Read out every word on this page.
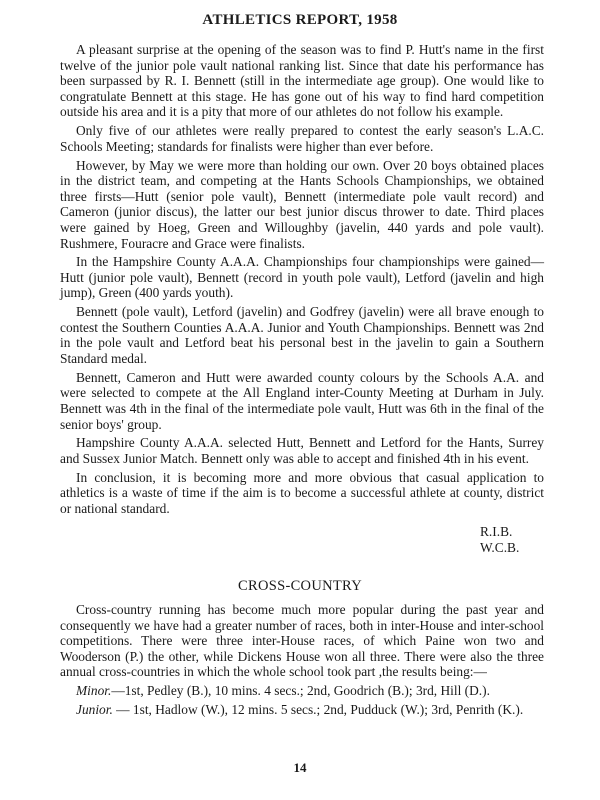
ATHLETICS REPORT, 1958

A pleasant surprise at the opening of the season was to find P. Hutt's name in the first twelve of the junior pole vault national ranking list. Since that date his performance has been surpassed by R. I. Bennett (still in the intermediate age group). One would like to congratulate Bennett at this stage. He has gone out of his way to find hard competition outside his area and it is a pity that more of our athletes do not follow his example.

Only five of our athletes were really prepared to contest the early season's L.A.C. Schools Meeting; standards for finalists were higher than ever before.

However, by May we were more than holding our own. Over 20 boys obtained places in the district team, and competing at the Hants Schools Championships, we obtained three firsts—Hutt (senior pole vault), Bennett (intermediate pole vault record) and Cameron (junior discus), the latter our best junior discus thrower to date. Third places were gained by Hoeg, Green and Willoughby (javelin, 440 yards and pole vault). Rushmere, Fouracre and Grace were finalists.

In the Hampshire County A.A.A. Championships four championships were gained—Hutt (junior pole vault), Bennett (record in youth pole vault), Letford (javelin and high jump), Green (400 yards youth).

Bennett (pole vault), Letford (javelin) and Godfrey (javelin) were all brave enough to contest the Southern Counties A.A.A. Junior and Youth Championships. Bennett was 2nd in the pole vault and Letford beat his personal best in the javelin to gain a Southern Standard medal.

Bennett, Cameron and Hutt were awarded county colours by the Schools A.A. and were selected to compete at the All England inter-County Meeting at Durham in July. Bennett was 4th in the final of the intermediate pole vault, Hutt was 6th in the final of the senior boys' group.

Hampshire County A.A.A. selected Hutt, Bennett and Letford for the Hants, Surrey and Sussex Junior Match. Bennett only was able to accept and finished 4th in his event.

In conclusion, it is becoming more and more obvious that casual application to athletics is a waste of time if the aim is to become a successful athlete at county, district or national standard.

R.I.B.
W.C.B.
CROSS-COUNTRY

Cross-country running has become much more popular during the past year and consequently we have had a greater number of races, both in inter-House and inter-school competitions. There were three inter-House races, of which Paine won two and Wooderson (P.) the other, while Dickens House won all three. There were also the three annual cross-countries in which the whole school took part ,the results being:—

Minor.—1st, Pedley (B.), 10 mins. 4 secs.; 2nd, Goodrich (B.); 3rd, Hill (D.).

Junior. — 1st, Hadlow (W.), 12 mins. 5 secs.; 2nd, Pudduck (W.); 3rd, Penrith (K.).

14
